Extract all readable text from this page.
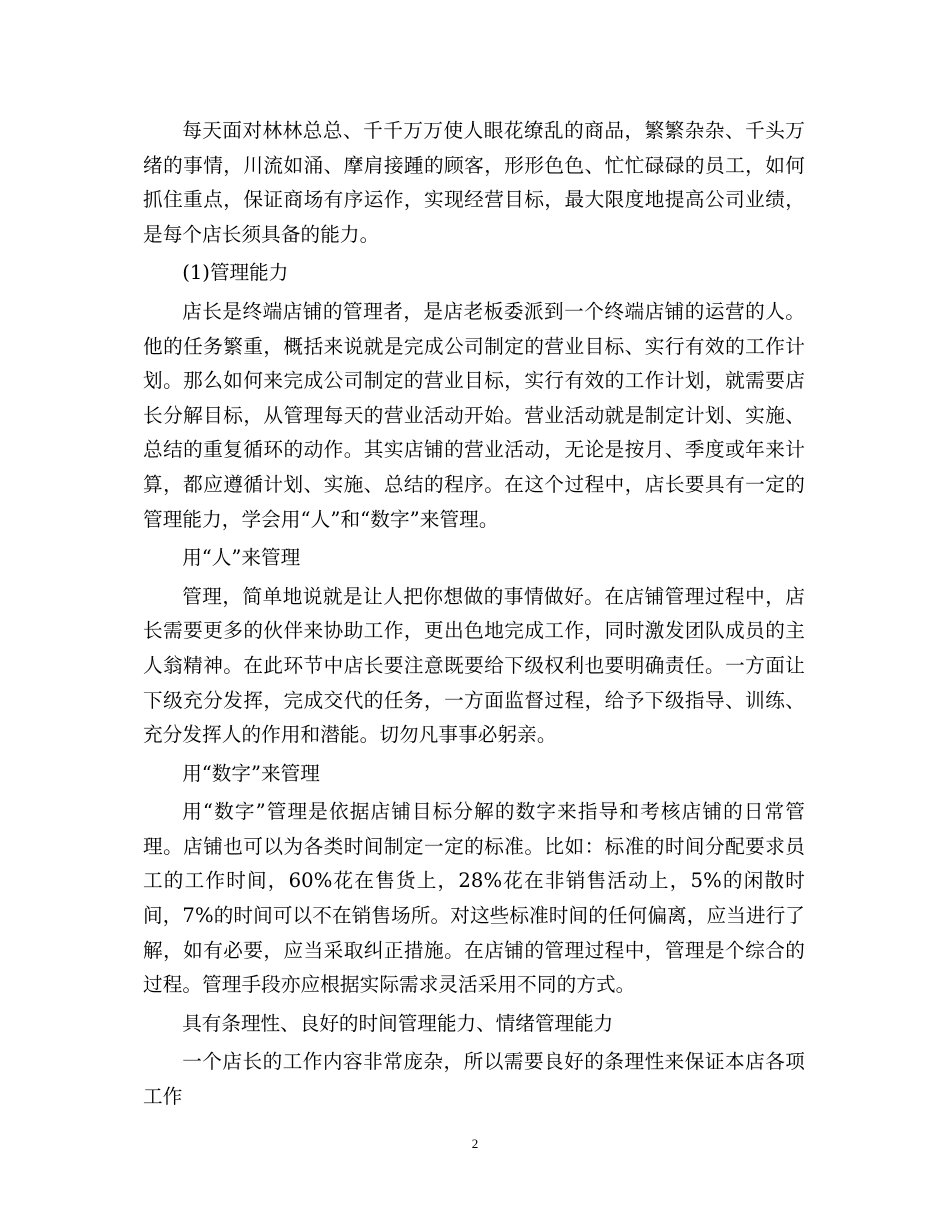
每天面对林林总总、千千万万使人眼花缭乱的商品，繁繁杂杂、千头万绪的事情，川流如涌、摩肩接踵的顾客，形形色色、忙忙碌碌的员工，如何抓住重点，保证商场有序运作，实现经营目标，最大限度地提高公司业绩，是每个店长须具备的能力。

(1)管理能力

店长是终端店铺的管理者，是店老板委派到一个终端店铺的运营的人。他的任务繁重，概括来说就是完成公司制定的营业目标、实行有效的工作计划。那么如何来完成公司制定的营业目标，实行有效的工作计划，就需要店长分解目标，从管理每天的营业活动开始。营业活动就是制定计划、实施、总结的重复循环的动作。其实店铺的营业活动，无论是按月、季度或年来计算，都应遵循计划、实施、总结的程序。在这个过程中，店长要具有一定的管理能力，学会用“人”和“数字”来管理。

用“人”来管理

管理，简单地说就是让人把你想做的事情做好。在店铺管理过程中，店长需要更多的伙伴来协助工作，更出色地完成工作，同时激发团队成员的主人翁精神。在此环节中店长要注意既要给下级权利也要明确责任。一方面让下级充分发挥，完成交代的任务，一方面监督过程，给予下级指导、训练、充分发挥人的作用和潜能。切勿凡事事必躬亲。

用“数字”来管理

用“数字”管理是依据店铺目标分解的数字来指导和考核店铺的日常管理。店铺也可以为各类时间制定一定的标准。比如：标准的时间分配要求员工的工作时间，60%花在售货上，28%花在非销售活动上，5%的闲散时间，7%的时间可以不在销售场所。对这些标准时间的任何偏离，应当进行了解，如有必要，应当采取纠正措施。在店铺的管理过程中，管理是个综合的过程。管理手段亦应根据实际需求灵活采用不同的方式。

具有条理性、良好的时间管理能力、情绪管理能力

一个店长的工作内容非常庞杂，所以需要良好的条理性来保证本店各项工作

2
